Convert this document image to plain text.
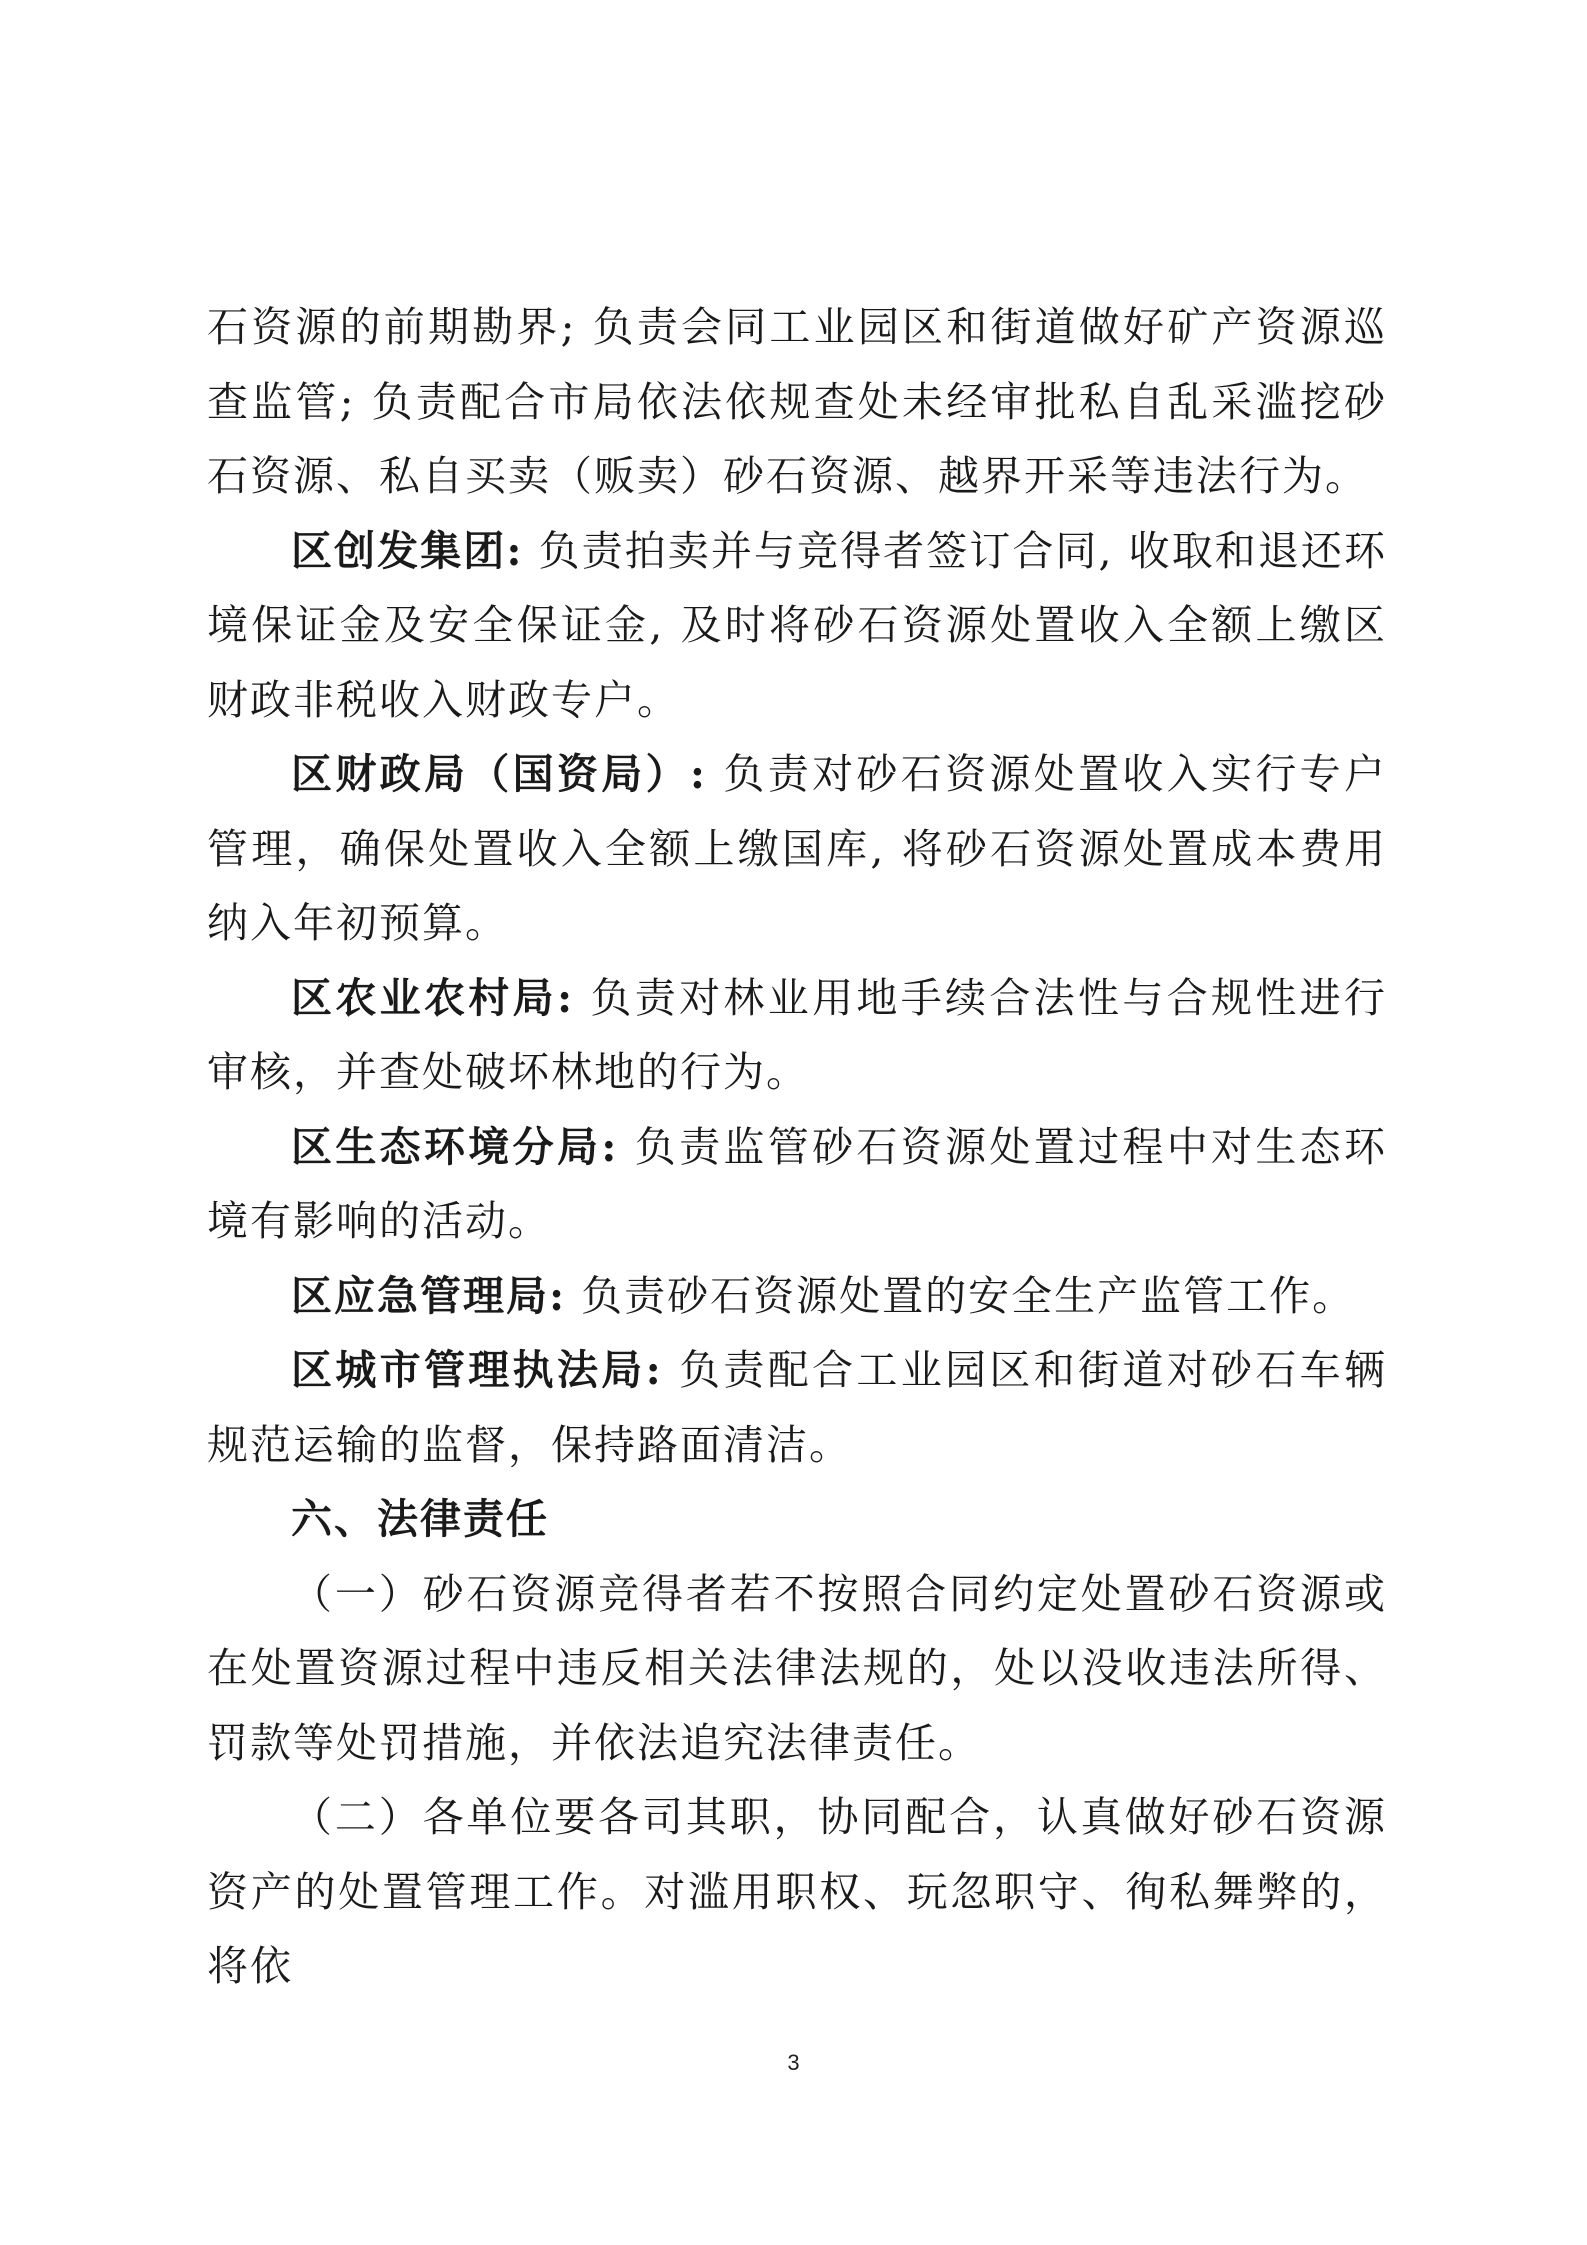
石资源的前期勘界; 负责会同工业园区和街道做好矿产资源巡查监管; 负责配合市局依法依规查处未经审批私自乱采滥挖砂石资源、私自买卖（贩卖）砂石资源、越界开采等违法行为。

区创发集团: 负责拍卖并与竞得者签订合同, 收取和退还环境保证金及安全保证金, 及时将砂石资源处置收入全额上缴区财政非税收入财政专户。

区财政局（国资局）: 负责对砂石资源处置收入实行专户管理，确保处置收入全额上缴国库, 将砂石资源处置成本费用纳入年初预算。

区农业农村局: 负责对林业用地手续合法性与合规性进行审核，并查处破坏林地的行为。

区生态环境分局: 负责监管砂石资源处置过程中对生态环境有影响的活动。

区应急管理局: 负责砂石资源处置的安全生产监管工作。

区城市管理执法局: 负责配合工业园区和街道对砂石车辆规范运输的监督，保持路面清洁。

六、法律责任

（一）砂石资源竞得者若不按照合同约定处置砂石资源或在处置资源过程中违反相关法律法规的，处以没收违法所得、罚款等处罚措施，并依法追究法律责任。

（二）各单位要各司其职，协同配合，认真做好砂石资源资产的处置管理工作。对滥用职权、玩忽职守、徇私舞弊的，将依

3
